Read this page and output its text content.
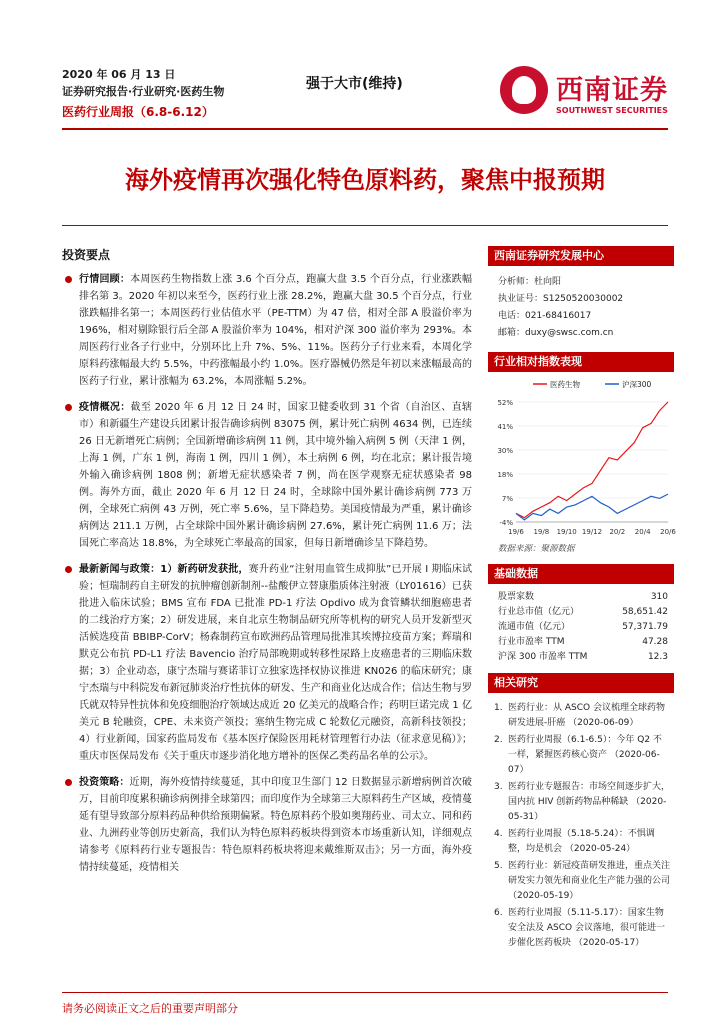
2020 年 06 月 13 日
证券研究报告·行业研究·医药生物
医药行业周报（6.8-6.12）
强于大市(维持)	西南证券
SOUTHWEST SECURITIES
海外疫情再次强化特色原料药，聚焦中报预期
投资要点
行情回顾：本周医药生物指数上涨 3.6 个百分点，跑赢大盘 3.5 个百分点，行业涨跌幅排名第 3。2020 年初以来至今，医药行业上涨 28.2%，跑赢大盘 30.5 个百分点，行业涨跌幅排名第一；本周医药行业估值水平（PE-TTM）为 47 倍，相对全部 A 股溢价率为 196%，相对剔除银行后全部 A 股溢价率为 104%，相对沪深 300 溢价率为 293%。本周医药行业各子行业中，分别环比上升 7%、5%、11%。医药分子行业来看，本周化学原料药涨幅最大约 5.5%，中药涨幅最小约 1.0%。医疗器械仍然是年初以来涨幅最高的医药子行业，累计涨幅为 63.2%，本周涨幅 5.2%。
疫情概况：截至 2020 年 6 月 12 日 24 时，国家卫健委收到 31 个省（自治区、直辖市）和新疆生产建设兵团累计报告确诊病例 83075 例，累计死亡病例 4634 例，已连续 26 日无新增死亡病例；全国新增确诊病例 11 例，其中境外输入病例 5 例（天津 1 例，上海 1 例，广东 1 例，海南 1 例，四川 1 例），本土病例 6 例，均在北京；累计报告境外输入确诊病例 1808 例；新增无症状感染者 7 例，尚在医学观察无症状感染者 98 例。海外方面，截止 2020 年 6 月 12 日 24 时，全球除中国外累计确诊病例 773 万例，全球死亡病例 43 万例，死亡率 5.6%，呈下降趋势。美国疫情最为严重，累计确诊病例达 211.1 万例，占全球除中国外累计确诊病例 27.6%，累计死亡病例 11.6 万；法国死亡率高达 18.8%，为全球死亡率最高的国家，但每日新增确诊呈下降趋势。
最新新闻与政策：1）新药研发获批，赛升药业“注射用血管生成抑肽”已开展 I 期临床试验；恒瑞制药自主研发的抗肿瘤创新制剂--盐酸伊立替康脂质体注射液（LY01616）已获批进入临床试验；BMS 宣布 FDA 已批准 PD-1 疗法 Opdivo 成为食管鳞状细胞癌患者的二线治疗方案；2）研发进展，来自北京生物制品研究所等机构的研究人员开发新型灭活候选疫苗 BBIBP-CorV；杨森制药宣布欧洲药品管理局批准其埃博拉疫苗方案；辉瑞和默克公布抗 PD-L1 疗法 Bavencio 治疗局部晚期或转移性尿路上皮癌患者的三期临床数据；3）企业动态，康宁杰瑞与赛诺菲订立独家选择权协议推进 KN026 的临床研究；康宁杰瑞与中科院发布新冠肺炎治疗性抗体的研发、生产和商业化达成合作；信达生物与罗氏就双特异性抗体和免疫细胞治疗领域达成近 20 亿美元的战略合作；药明巨诺完成 1 亿美元 B 轮融资，CPE、未来资产领投；塞纳生物完成 C 轮数亿元融资，高新科技领投；4）行业新闻，国家药监局发布《基本医疗保险医用耗材管理暂行办法（征求意见稿）》；重庆市医保局发布《关于重庆市逐步消化地方增补的医保乙类药品名单的公示》。
投资策略：近期，海外疫情持续蔓延，其中印度卫生部门 12 日数据显示新增病例首次破万，目前印度累积确诊病例排全球第四；而印度作为全球第三大原料药生产区域，疫情蔓延有望导致部分原料药品种供给预期偏紧。特色原料药个股如奥翔药业、司太立、同和药业、九洲药业等创历史新高，我们认为特色原料药板块得到资本市场重新认知，详细观点请参考《原料药行业专题报告：特色原料药板块将迎来戴维斯双击》；另一方面，海外疫情持续蔓延，疫情相关
西南证券研究发展中心
分析师：杜向阳
执业证号：S1250520030002
电话：021-68416017
邮箱：duxy@swsc.com.cn
行业相对指数表现
52%
41%
30%
18%
7%
-4%
19/6 19/8 19/10 19/12 20/2 20/4 20/6
医药生物	沪深300
数据来源：聚源数据
基础数据
股票家数	310
行业总市值（亿元）	58,651.42
流通市值（亿元）	57,371.79
行业市盈率 TTM	47.28
沪深 300 市盈率 TTM	12.3
相关研究
1. 医药行业：从 ASCO 会议梳理全球药物研发进展-肝癌 （2020-06-09）
2. 医药行业周报（6.1-6.5）：今年 Q2 不一样，紧握医药核心资产 （2020-06-07）
3. 医药行业专题报告：市场空间逐步扩大，国内抗 HIV 创新药物品种稀缺 （2020-05-31）
4. 医药行业周报（5.18-5.24）：不惧调整，均是机会 （2020-05-24）
5. 医药行业：新冠疫苗研发推进，重点关注研发实力领先和商业化生产能力强的公司 （2020-05-19）
6. 医药行业周报（5.11-5.17）：国家生物安全法及 ASCO 会议落地，很可能进一步催化医药板块 （2020-05-17）
请务必阅读正文之后的重要声明部分
